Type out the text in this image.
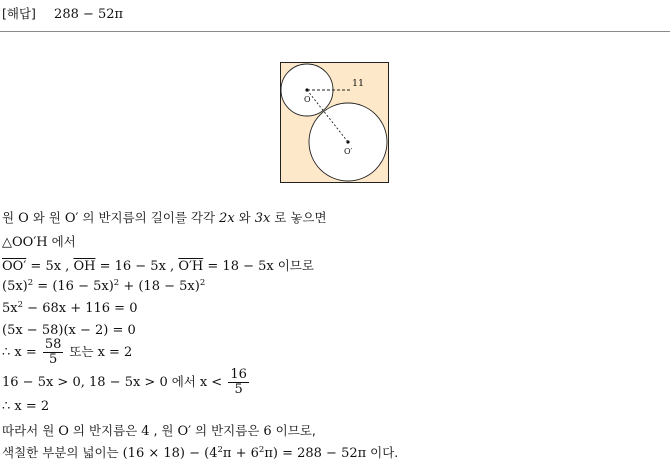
[해답] 288 − 52π
11
O
O′
원 O 와 원 O′ 의 반지름의 길이를 각각 2x 와 3x 로 놓으면
△OO′H 에서
OO′ = 5x , $\overline{OH} = 16 - 5x$ , O′H = 18 − 5x 이므로
$(5x)^2 = (16 - 5x)^2 + (18 - 5x)^2$
$5x^2 - 68x + 116 = 0$
(5x − 58)(x − 2) = 0
∴ $x = \frac{58}{5}$ 또는 x = 2
16 − 5x > 0, 18 − 5x > 0 에서 $x < \frac{16}{5}$
∴ x = 2
따라서 원 O 의 반지름은 4 , 원 O′ 의 반지름은 6 이므로,
색칠한 부분의 넓이는 $(16 \times 18) - (4^2\pi + 6^2\pi) = 288 - 52\pi$ 이다.
